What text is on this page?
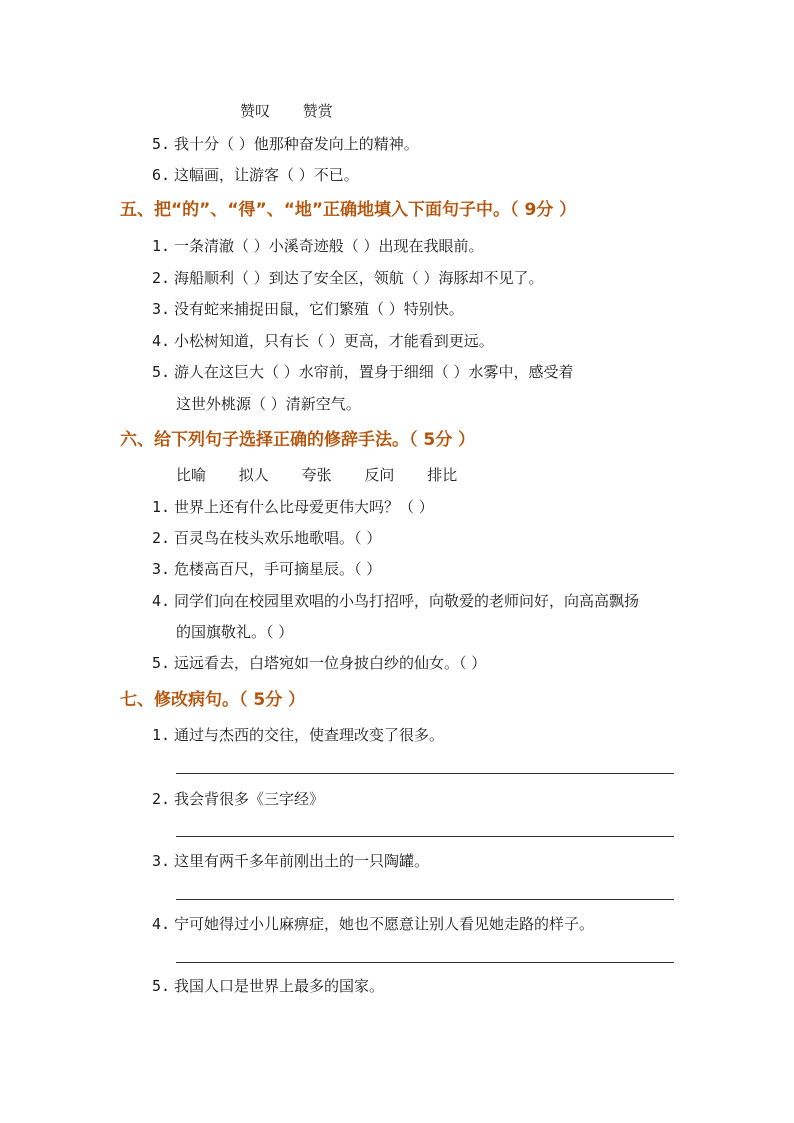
赞叹 赞赏
5. 我十分（ ）他那种奋发向上的精神。
6. 这幅画，让游客（ ）不已。
五、把“的”、“得”、“地”正确地填入下面句子中。（ 9分 ）
1. 一条清澈（ ）小溪奇迹般（ ）出现在我眼前。
2. 海船顺利（ ）到达了安全区，领航（ ）海豚却不见了。
3. 没有蛇来捕捉田鼠，它们繁殖（ ）特别快。
4. 小松树知道，只有长（ ）更高，才能看到更远。
5. 游人在这巨大（ ）水帘前，置身于细细（ ）水雾中，感受着
这世外桃源（ ）清新空气。
六、给下列句子选择正确的修辞手法。（ 5分 ）
比喻 拟人 夸张 反问 排比
1. 世界上还有什么比母爱更伟大吗？（ ）
2. 百灵鸟在枝头欢乐地歌唱。（ ）
3. 危楼高百尺，手可摘星辰。（ ）
4. 同学们向在校园里欢唱的小鸟打招呼，向敬爱的老师问好，向高高飘扬
的国旗敬礼。（ ）
5. 远远看去，白塔宛如一位身披白纱的仙女。（ ）
七、修改病句。（ 5分 ）
1. 通过与杰西的交往，使查理改变了很多。
2. 我会背很多《三字经》
3. 这里有两千多年前刚出土的一只陶罐。
4. 宁可她得过小儿麻痹症，她也不愿意让别人看见她走路的样子。
5. 我国人口是世界上最多的国家。
